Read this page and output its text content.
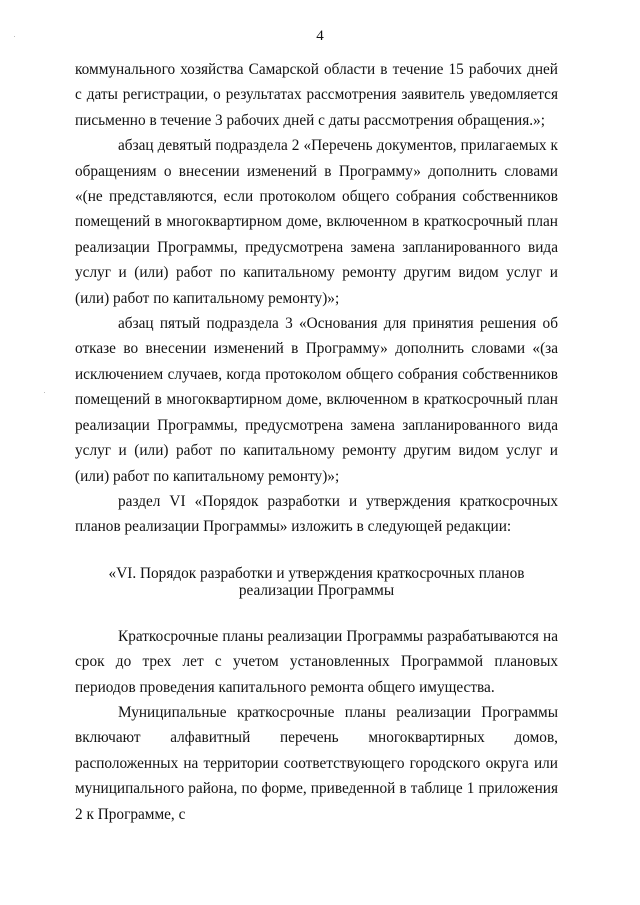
4

коммунального хозяйства Самарской области в течение 15 рабочих дней с даты регистрации, о результатах рассмотрения заявитель уведомляется письменно в течение 3 рабочих дней с даты рассмотрения обращения.»;

абзац девятый подраздела 2 «Перечень документов, прилагаемых к обращениям о внесении изменений в Программу» дополнить словами «(не представляются, если протоколом общего собрания собственников помещений в многоквартирном доме, включенном в краткосрочный план реализации Программы, предусмотрена замена запланированного вида услуг и (или) работ по капитальному ремонту другим видом услуг и (или) работ по капитальному ремонту)»;

абзац пятый подраздела 3 «Основания для принятия решения об отказе во внесении изменений в Программу» дополнить словами «(за исключением случаев, когда протоколом общего собрания собственников помещений в многоквартирном доме, включенном в краткосрочный план реализации Программы, предусмотрена замена запланированного вида услуг и (или) работ по капитальному ремонту другим видом услуг и (или) работ по капитальному ремонту)»;

раздел VI «Порядок разработки и утверждения краткосрочных планов реализации Программы» изложить в следующей редакции:

«VI. Порядок разработки и утверждения краткосрочных планов
реализации Программы

Краткосрочные планы реализации Программы разрабатываются на срок до трех лет с учетом установленных Программой плановых периодов проведения капитального ремонта общего имущества.

Муниципальные краткосрочные планы реализации Программы включают алфавитный перечень многоквартирных домов, расположенных на территории соответствующего городского округа или муниципального района, по форме, приведенной в таблице 1 приложения 2 к Программе, с
